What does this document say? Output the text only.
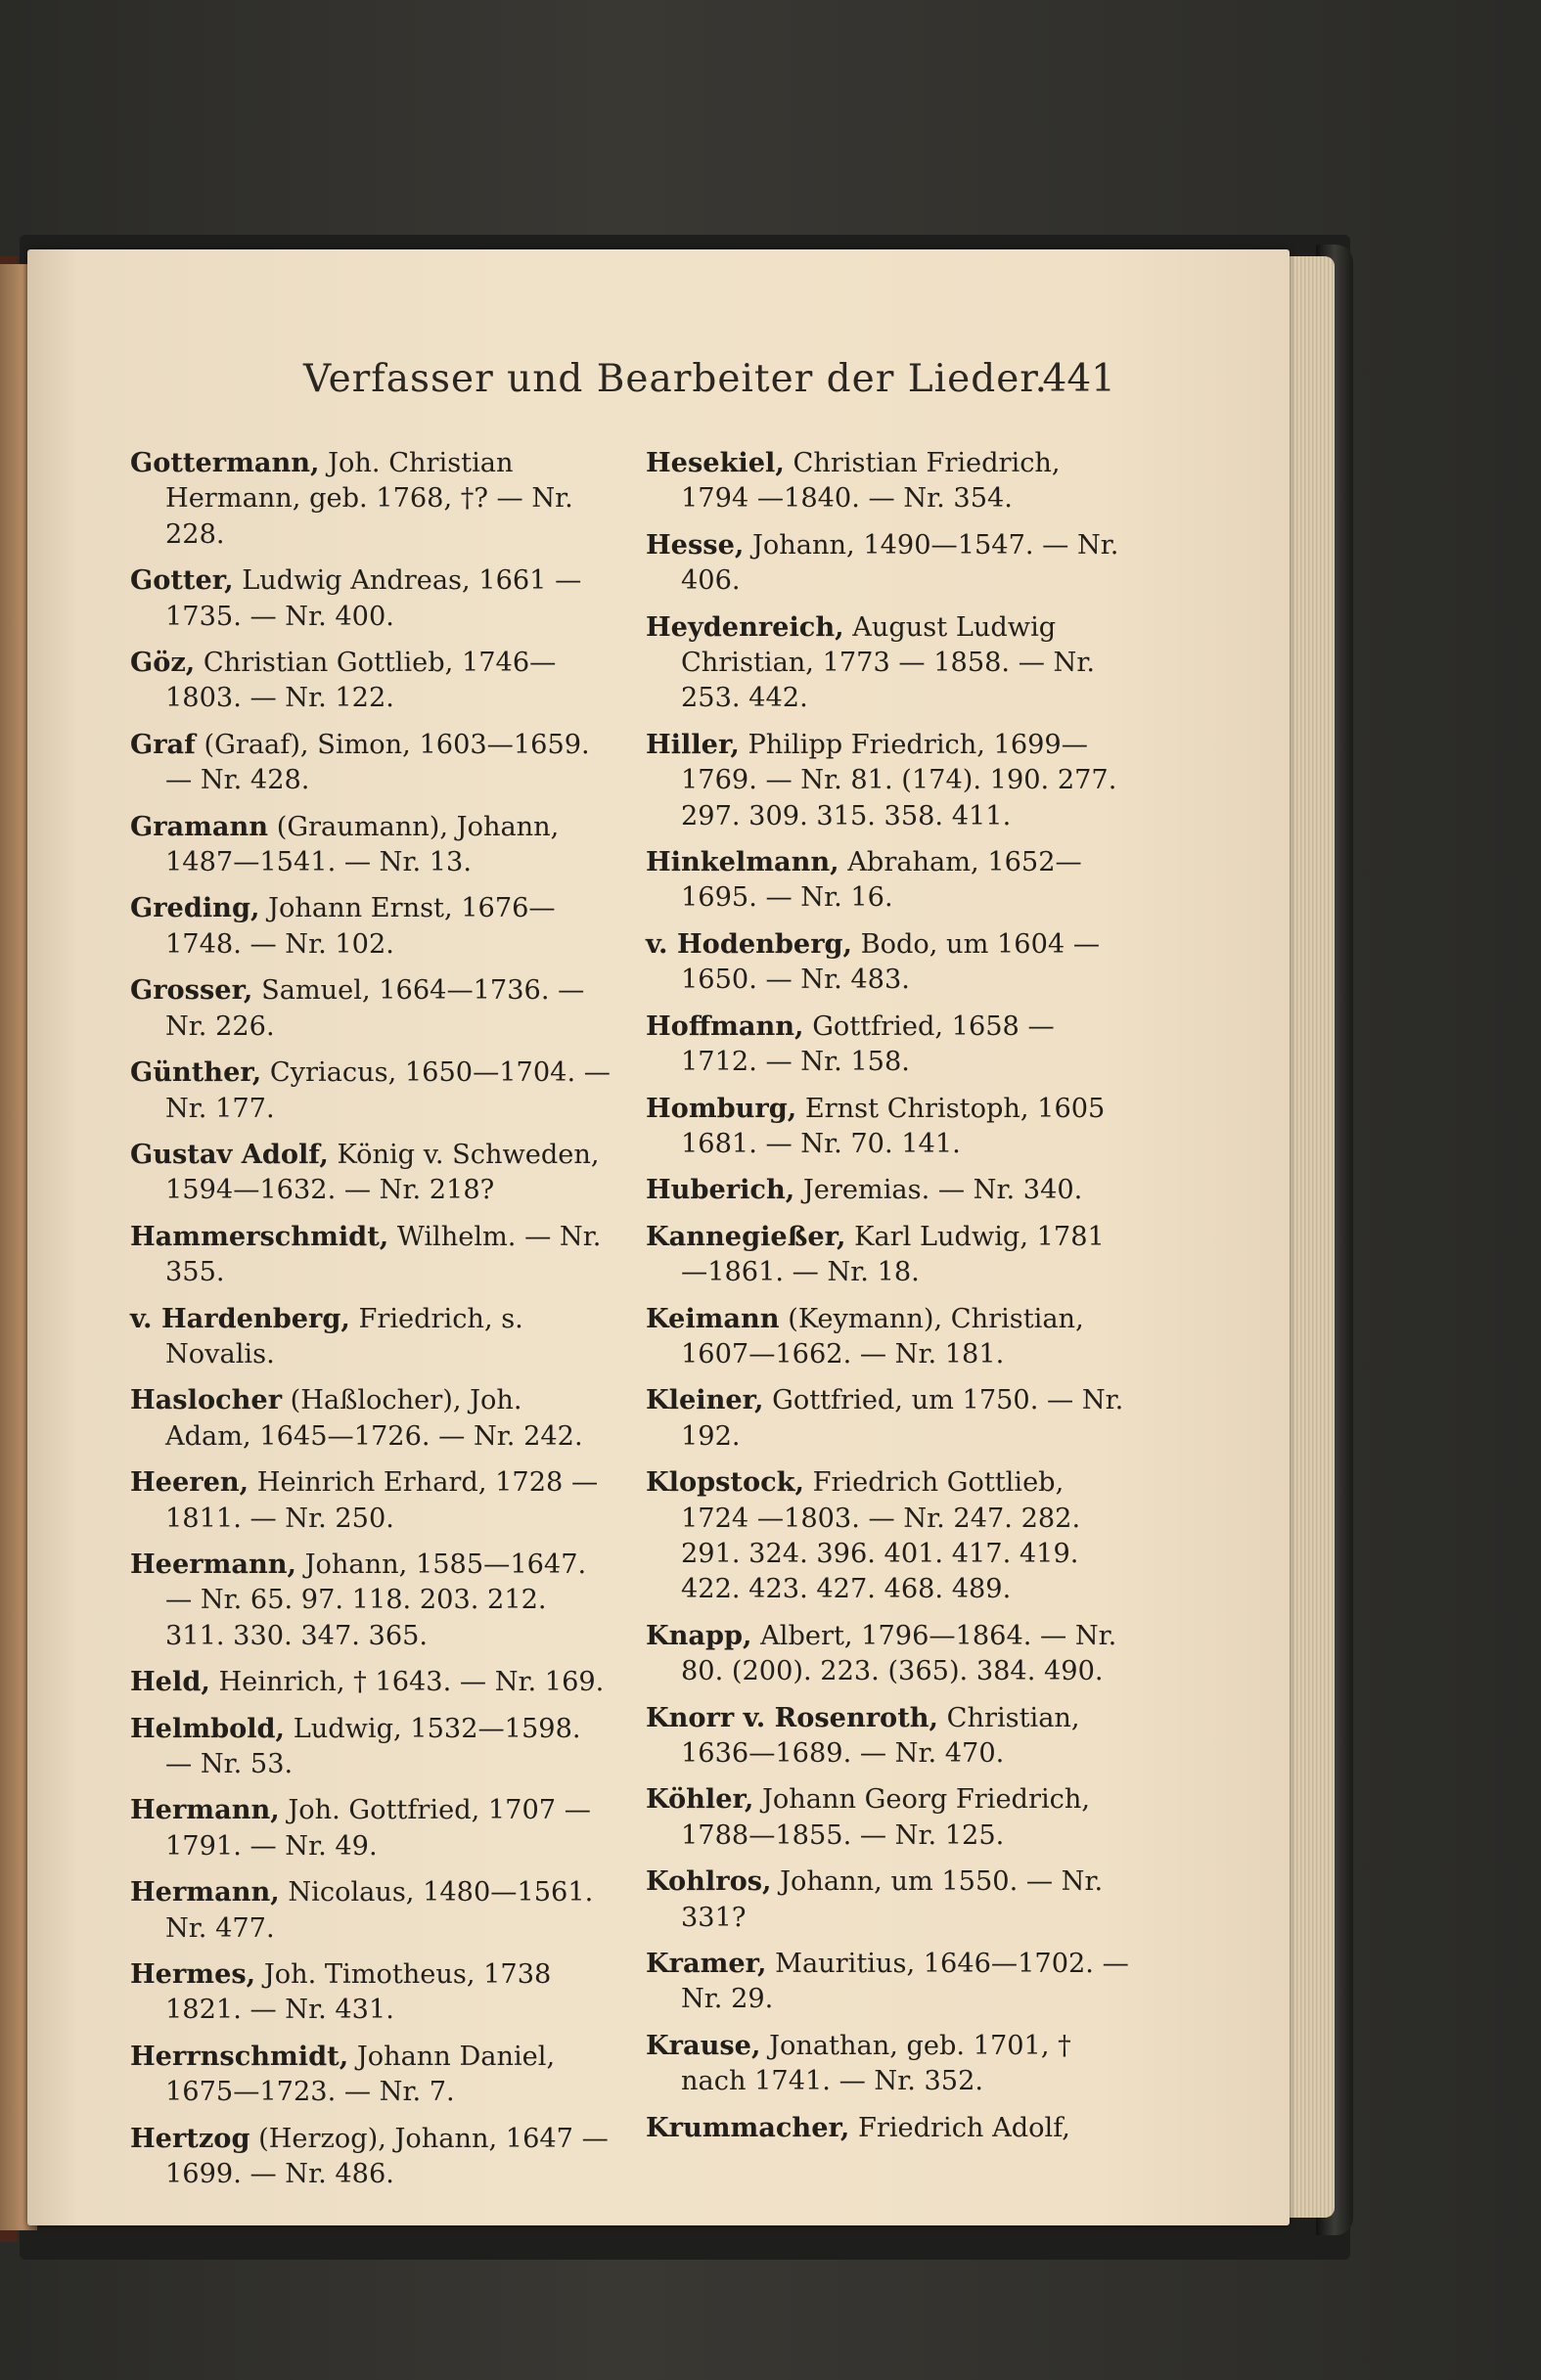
Verfasser und Bearbeiter der Lieder.
441

Gottermann, Joh. Christian Hermann, geb. 1768, †? — Nr. 228.

Gotter, Ludwig Andreas, 1661 — 1735. — Nr. 400.

Göz, Christian Gottlieb, 1746—1803. — Nr. 122.

Graf (Graaf), Simon, 1603—1659. — Nr. 428.

Gramann (Graumann), Johann, 1487—1541. — Nr. 13.

Greding, Johann Ernst, 1676—1748. — Nr. 102.

Grosser, Samuel, 1664—1736. — Nr. 226.

Günther, Cyriacus, 1650—1704. — Nr. 177.

Gustav Adolf, König v. Schweden, 1594—1632. — Nr. 218?

Hammerschmidt, Wilhelm. — Nr. 355.

v. Hardenberg, Friedrich, s. Novalis.

Haslocher (Haßlocher), Joh. Adam, 1645—1726. — Nr. 242.

Heeren, Heinrich Erhard, 1728 —1811. — Nr. 250.

Heermann, Johann, 1585—1647. — Nr. 65. 97. 118. 203. 212. 311. 330. 347. 365.

Held, Heinrich, † 1643. — Nr. 169.

Helmbold, Ludwig, 1532—1598. — Nr. 53.

Hermann, Joh. Gottfried, 1707 —1791. — Nr. 49.

Hermann, Nicolaus, 1480—1561. Nr. 477.

Hermes, Joh. Timotheus, 1738 1821. — Nr. 431.

Herrnschmidt, Johann Daniel, 1675—1723. — Nr. 7.

Hertzog (Herzog), Johann, 1647 —1699. — Nr. 486.

Hesekiel, Christian Friedrich, 1794 —1840. — Nr. 354.

Hesse, Johann, 1490—1547. — Nr. 406.

Heydenreich, August Ludwig Christian, 1773 — 1858. — Nr. 253. 442.

Hiller, Philipp Friedrich, 1699—1769. — Nr. 81. (174). 190. 277. 297. 309. 315. 358. 411.

Hinkelmann, Abraham, 1652—1695. — Nr. 16.

v. Hodenberg, Bodo, um 1604 —1650. — Nr. 483.

Hoffmann, Gottfried, 1658 — 1712. — Nr. 158.

Homburg, Ernst Christoph, 1605 1681. — Nr. 70. 141.

Huberich, Jeremias. — Nr. 340.

Kannegießer, Karl Ludwig, 1781 —1861. — Nr. 18.

Keimann (Keymann), Christian, 1607—1662. — Nr. 181.

Kleiner, Gottfried, um 1750. — Nr. 192.

Klopstock, Friedrich Gottlieb, 1724 —1803. — Nr. 247. 282. 291. 324. 396. 401. 417. 419. 422. 423. 427. 468. 489.

Knapp, Albert, 1796—1864. — Nr. 80. (200). 223. (365). 384. 490.

Knorr v. Rosenroth, Christian, 1636—1689. — Nr. 470.

Köhler, Johann Georg Friedrich, 1788—1855. — Nr. 125.

Kohlros, Johann, um 1550. — Nr. 331?

Kramer, Mauritius, 1646—1702. — Nr. 29.

Krause, Jonathan, geb. 1701, † nach 1741. — Nr. 352.

Krummacher, Friedrich Adolf,
